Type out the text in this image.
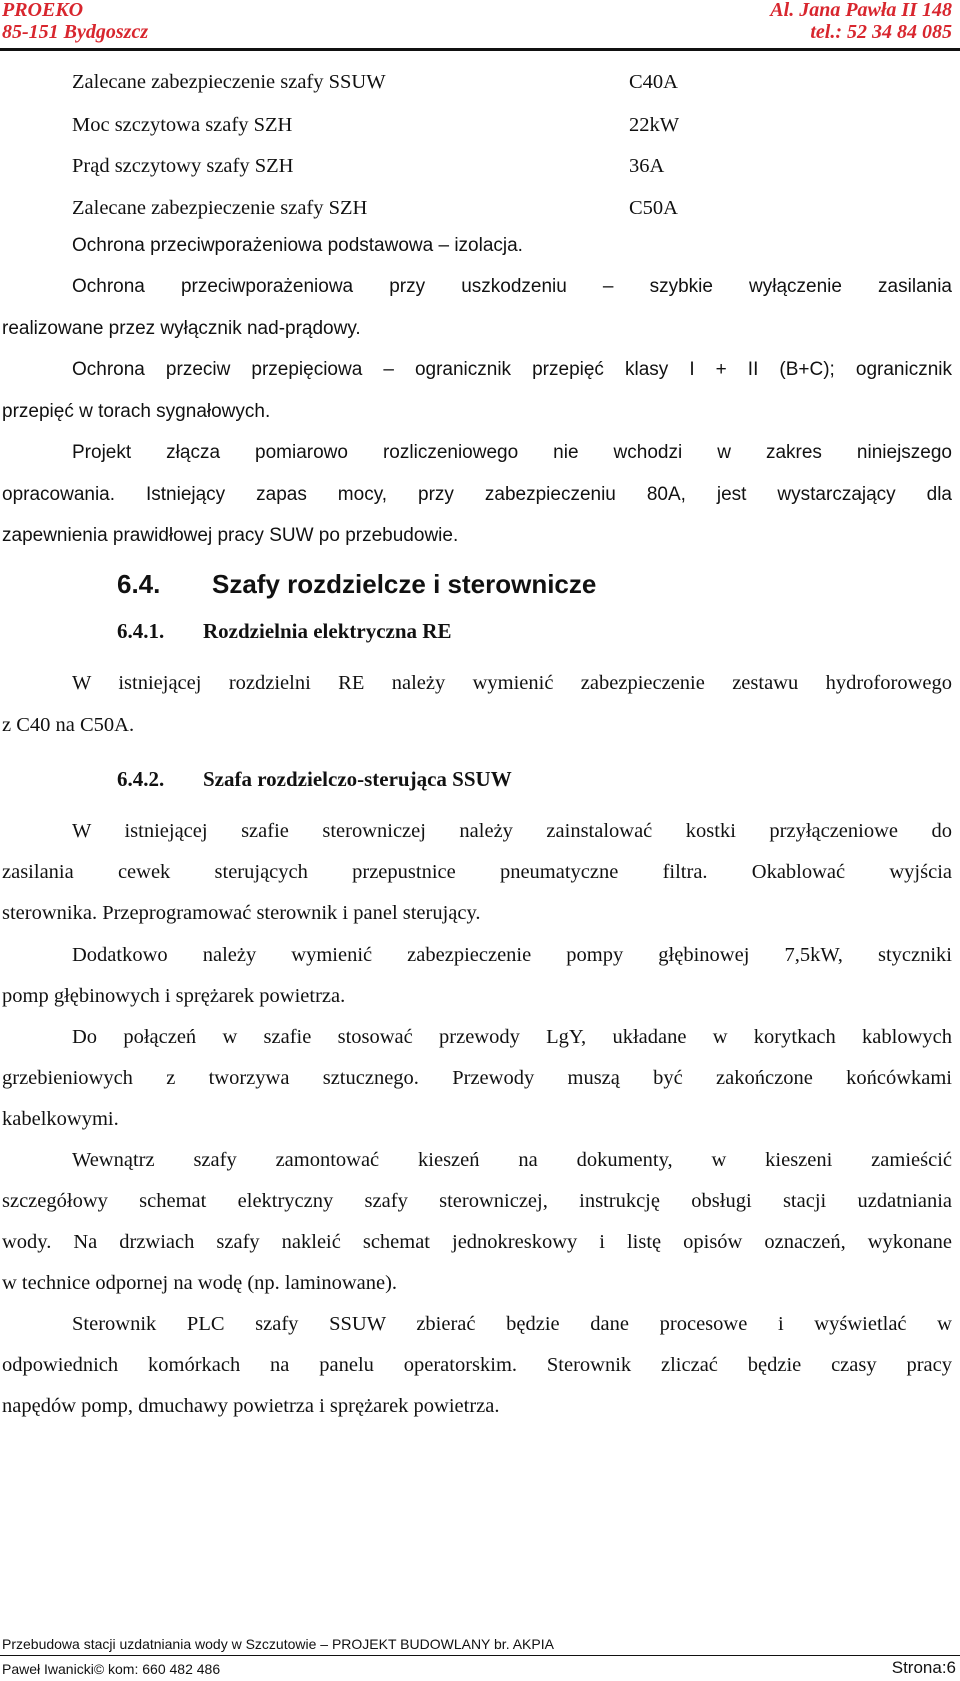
PROEKO
85-151 Bydgoszcz
Al. Jana Pawła II 148
tel.: 52 34 84 085
Zalecane zabezpieczenie szafy SSUW	C40A
Moc szczytowa szafy SZH	22kW
Prąd szczytowy szafy SZH	36A
Zalecane zabezpieczenie szafy SZH	C50A
Ochrona przeciwporażeniowa podstawowa – izolacja.
Ochrona przeciwporażeniowa przy uszkodzeniu – szybkie wyłączenie zasilania
realizowane przez wyłącznik nad-prądowy.
Ochrona przeciw przepięciowa – ogranicznik przepięć klasy I + II (B+C); ogranicznik
przepięć w torach sygnałowych.
Projekt złącza pomiarowo rozliczeniowego nie wchodzi w zakres niniejszego
opracowania. Istniejący zapas mocy, przy zabezpieczeniu 80A, jest wystarczający dla
zapewnienia prawidłowej pracy SUW po przebudowie.
6.4. Szafy rozdzielcze i sterownicze
6.4.1. Rozdzielnia elektryczna RE
W istniejącej rozdzielni RE należy wymienić zabezpieczenie zestawu hydroforowego
z C40 na C50A.
6.4.2. Szafa rozdzielczo-sterująca SSUW
W istniejącej szafie sterowniczej należy zainstalować kostki przyłączeniowe do
zasilania cewek sterujących przepustnice pneumatyczne filtra. Okablować wyjścia
sterownika. Przeprogramować sterownik i panel sterujący.
Dodatkowo należy wymienić zabezpieczenie pompy głębinowej 7,5kW, styczniki
pomp głębinowych i sprężarek powietrza.
Do połączeń w szafie stosować przewody LgY, układane w korytkach kablowych
grzebieniowych z tworzywa sztucznego. Przewody muszą być zakończone końcówkami
kabelkowymi.
Wewnątrz szafy zamontować kieszeń na dokumenty, w kieszeni zamieścić
szczegółowy schemat elektryczny szafy sterowniczej, instrukcję obsługi stacji uzdatniania
wody. Na drzwiach szafy nakleić schemat jednokreskowy i listę opisów oznaczeń, wykonane
w technice odpornej na wodę (np. laminowane).
Sterownik PLC szafy SSUW zbierać będzie dane procesowe i wyświetlać w
odpowiednich komórkach na panelu operatorskim. Sterownik zliczać będzie czasy pracy
napędów pomp, dmuchawy powietrza i sprężarek powietrza.
Przebudowa stacji uzdatniania wody w Szczutowie – PROJEKT BUDOWLANY br. AKPIA
Paweł Iwanicki© kom: 660 482 486	Strona:6
